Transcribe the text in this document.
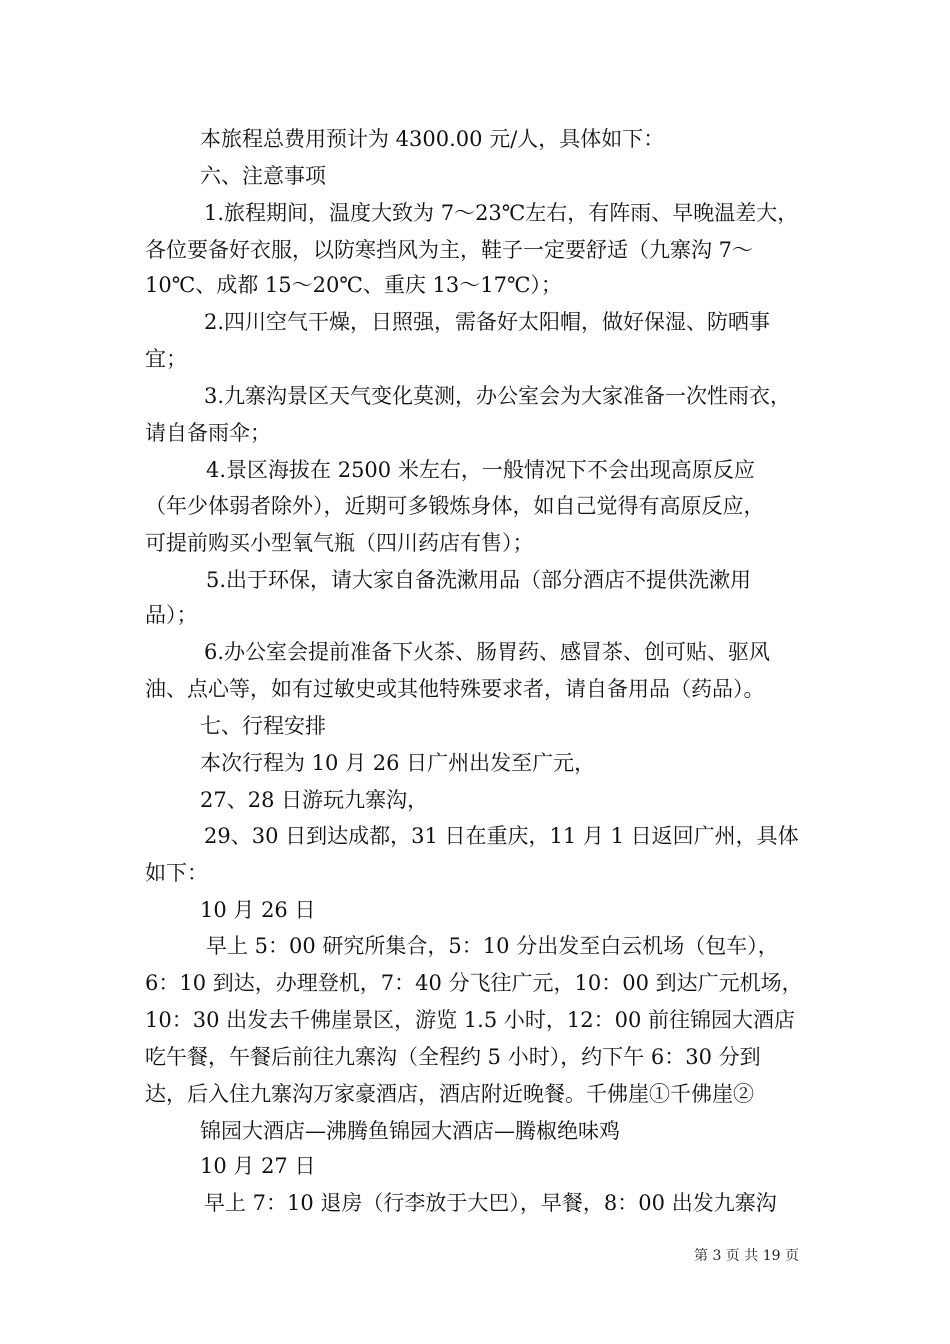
本旅程总费用预计为 4300.00 元/人，具体如下：
六、注意事项
1.旅程期间，温度大致为 7～23℃左右，有阵雨、早晚温差大，
各位要备好衣服，以防寒挡风为主，鞋子一定要舒适（九寨沟 7～
10℃、成都 15～20℃、重庆 13～17℃）；
2.四川空气干燥，日照强，需备好太阳帽，做好保湿、防晒事
宜；
3.九寨沟景区天气变化莫测，办公室会为大家准备一次性雨衣，
请自备雨伞；
4.景区海拔在 2500 米左右，一般情况下不会出现高原反应
（年少体弱者除外），近期可多锻炼身体，如自己觉得有高原反应，
可提前购买小型氧气瓶（四川药店有售）；
5.出于环保，请大家自备洗漱用品（部分酒店不提供洗漱用
品）；
6.办公室会提前准备下火茶、肠胃药、感冒茶、创可贴、驱风
油、点心等，如有过敏史或其他特殊要求者，请自备用品（药品）。
七、行程安排
本次行程为 10 月 26 日广州出发至广元，
27、28 日游玩九寨沟，
29、30 日到达成都，31 日在重庆，11 月 1 日返回广州，具体
如下：
10 月 26 日
早上 5：00 研究所集合，5：10 分出发至白云机场（包车），
6：10 到达，办理登机，7：40 分飞往广元，10：00 到达广元机场，
10：30 出发去千佛崖景区，游览 1.5 小时，12：00 前往锦园大酒店
吃午餐，午餐后前往九寨沟（全程约 5 小时），约下午 6：30 分到
达，后入住九寨沟万家豪酒店，酒店附近晚餐。千佛崖①千佛崖②
锦园大酒店—沸腾鱼锦园大酒店—腾椒绝味鸡
10 月 27 日
早上 7：10 退房（行李放于大巴），早餐，8：00 出发九寨沟
第 3 页 共 19 页
